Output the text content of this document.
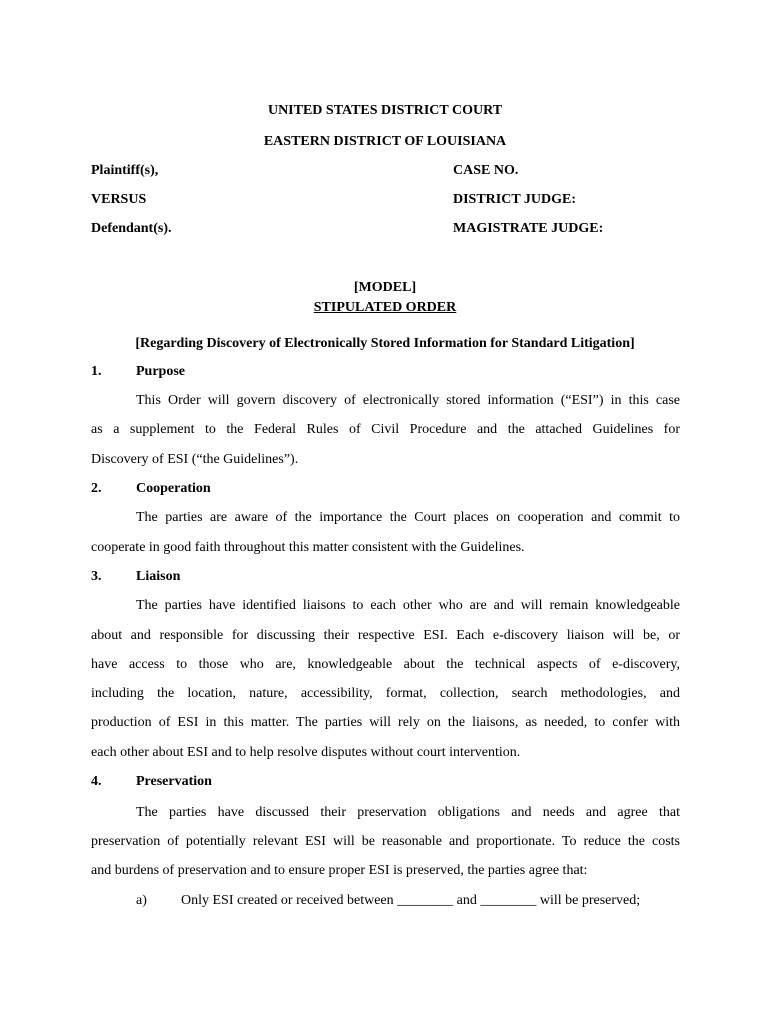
UNITED STATES DISTRICT COURT
EASTERN DISTRICT OF LOUISIANA
Plaintiff(s),
VERSUS
Defendant(s).
CASE NO.
DISTRICT JUDGE:
MAGISTRATE JUDGE:
[MODEL]
STIPULATED ORDER
[Regarding Discovery of Electronically Stored Information for Standard Litigation]
1. Purpose
This Order will govern discovery of electronically stored information (“ESI”) in this case
as a supplement to the Federal Rules of Civil Procedure and the attached Guidelines for
Discovery of ESI (“the Guidelines”).
2. Cooperation
The parties are aware of the importance the Court places on cooperation and commit to
cooperate in good faith throughout this matter consistent with the Guidelines.
3. Liaison
The parties have identified liaisons to each other who are and will remain knowledgeable
about and responsible for discussing their respective ESI. Each e-discovery liaison will be, or
have access to those who are, knowledgeable about the technical aspects of e-discovery,
including the location, nature, accessibility, format, collection, search methodologies, and
production of ESI in this matter. The parties will rely on the liaisons, as needed, to confer with
each other about ESI and to help resolve disputes without court intervention.
4. Preservation
The parties have discussed their preservation obligations and needs and agree that
preservation of potentially relevant ESI will be reasonable and proportionate. To reduce the costs
and burdens of preservation and to ensure proper ESI is preserved, the parties agree that:
a) Only ESI created or received between ________ and ________ will be preserved;
